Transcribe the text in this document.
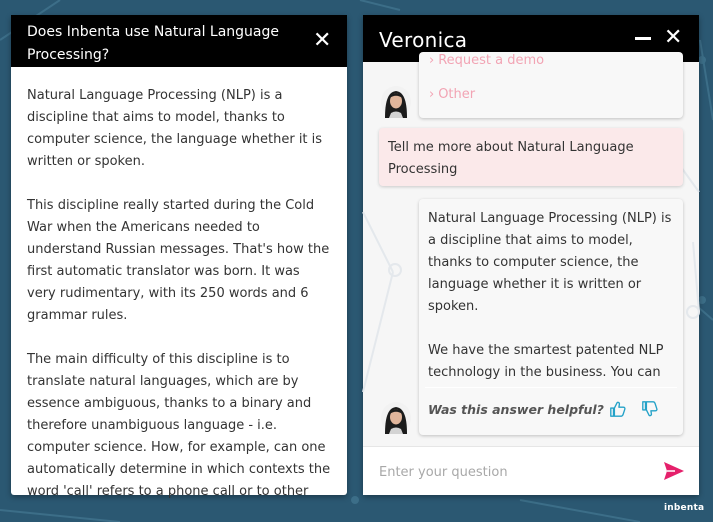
Does Inbenta use Natural Language Processing?
✕

Natural Language Processing (NLP) is a discipline that aims to model, thanks to computer science, the language whether it is written or spoken.

This discipline really started during the Cold War when the Americans needed to understand Russian messages. That's how the first automatic translator was born. It was very rudimentary, with its 250 words and 6 grammar rules.

The main difficulty of this discipline is to translate natural languages, which are by essence ambiguous, thanks to a binary and therefore unambiguous language - i.e. computer science. How, for example, can one automatically determine in which contexts the word 'call' refers to a phone call or to other

Veronica	✕
› Request a demo
› Other
Tell me more about Natural Language Processing

Natural Language Processing (NLP) is a discipline that aims to model, thanks to computer science, the language whether it is written or spoken.

We have the smartest patented NLP technology in the business. You can

Was this answer helpful?
Enter your question
inbenta
